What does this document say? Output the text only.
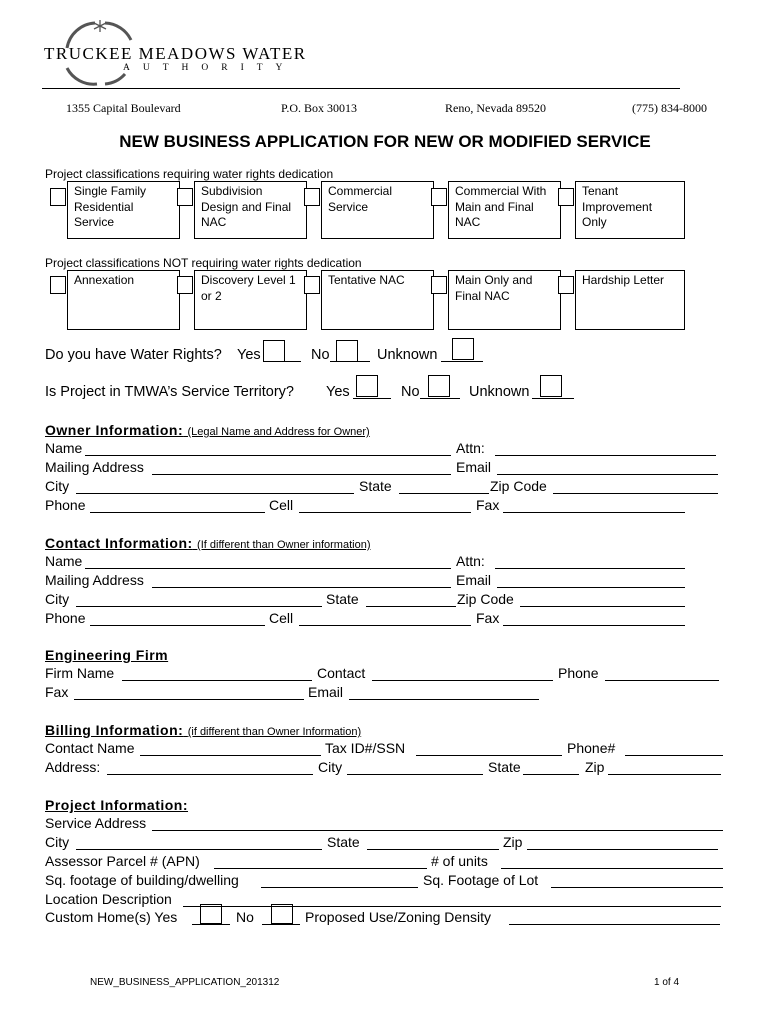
TRUCKEE MEADOWS WATER
AUTHORITY
1355 Capital Boulevard	P.O. Box 30013	Reno, Nevada 89520	(775) 834-8000
NEW BUSINESS APPLICATION FOR NEW OR MODIFIED SERVICE
Project classifications requiring water rights dedication
Single Family Residential Service
Subdivision Design and Final NAC
Commercial Service
Commercial With Main and Final NAC
Tenant Improvement Only
Project classifications NOT requiring water rights dedication
Annexation	Discovery Level 1 or 2
Tentative NAC	Main Only and Final NAC
Hardship Letter
Do you have Water Rights? Yes	No	Unknown
Is Project in TMWA’s Service Territory? Yes	No	Unknown
Owner Information: (Legal Name and Address for Owner)
Name	Attn:
Mailing Address	Email
City	State	Zip Code
Phone	Cell	Fax
Contact Information: (If different than Owner information)
Name	Attn:
Mailing Address	Email
City	State	Zip Code
Phone	Cell	Fax
Engineering Firm
Firm Name	Contact	Phone
Fax	Email
Billing Information: (if different than Owner Information)
Contact Name	Tax ID#/SSN	Phone#
Address:	City	State	Zip
Project Information:
Service Address
City	State	Zip
Assessor Parcel # (APN)	# of units
Sq. footage of building/dwelling	Sq. Footage of Lot
Location Description
Custom Home(s) Yes	No	Proposed Use/Zoning Density
NEW_BUSINESS_APPLICATION_201312	1 of 4
